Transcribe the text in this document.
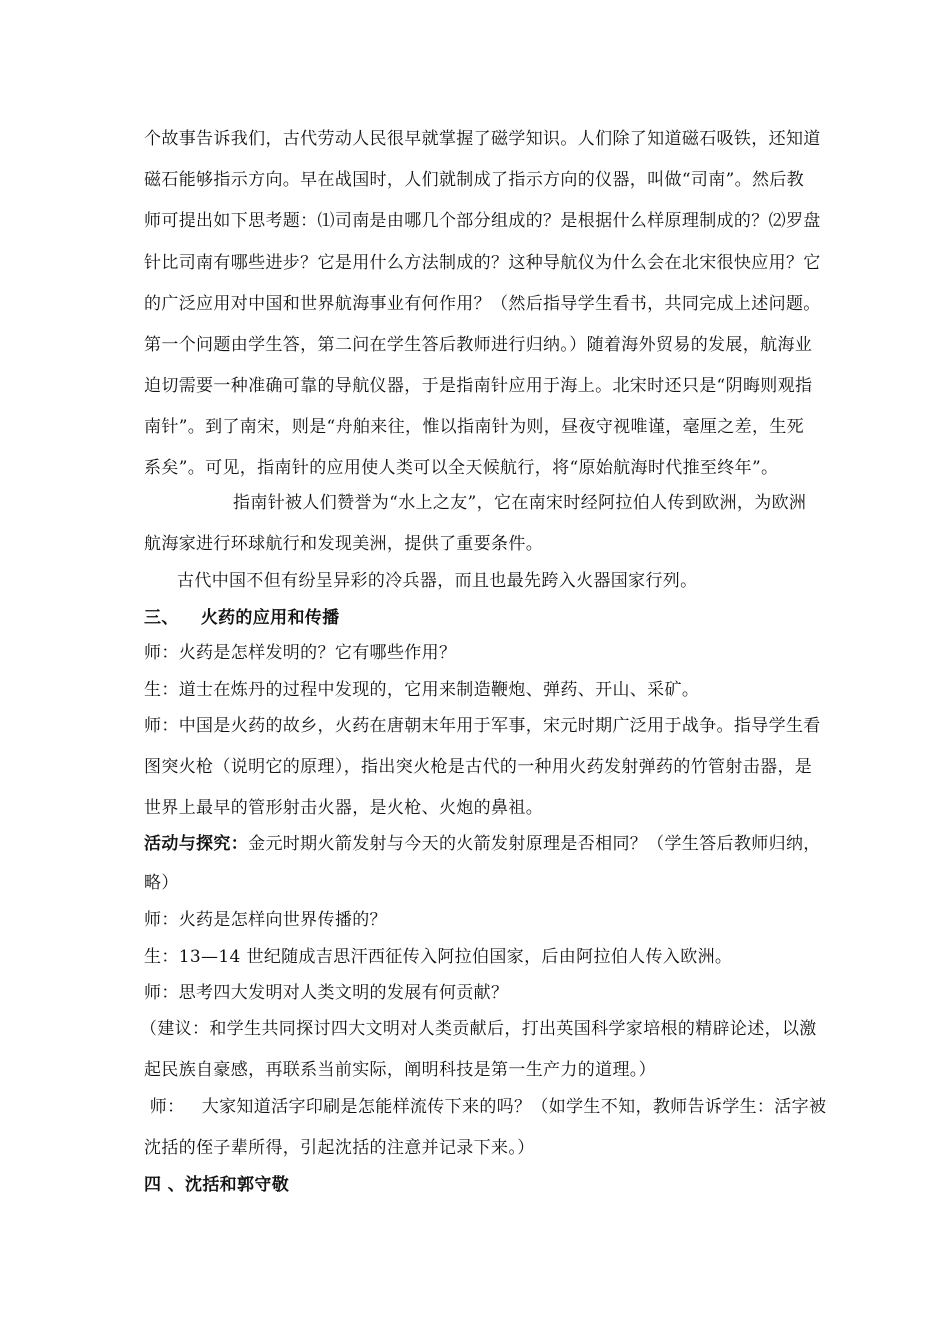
个故事告诉我们，古代劳动人民很早就掌握了磁学知识。人们除了知道磁石吸铁，还知道
磁石能够指示方向。早在战国时，人们就制成了指示方向的仪器，叫做“司南”。然后教
师可提出如下思考题：⑴司南是由哪几个部分组成的？是根据什么样原理制成的？⑵罗盘
针比司南有哪些进步？它是用什么方法制成的？这种导航仪为什么会在北宋很快应用？它
的广泛应用对中国和世界航海事业有何作用？（然后指导学生看书，共同完成上述问题。
第一个问题由学生答，第二问在学生答后教师进行归纳。）随着海外贸易的发展，航海业
迫切需要一种准确可靠的导航仪器，于是指南针应用于海上。北宋时还只是“阴晦则观指
南针”。到了南宋，则是“舟舶来往，惟以指南针为则，昼夜守视唯谨，毫厘之差，生死
系矣”。可见，指南针的应用使人类可以全天候航行，将“原始航海时代推至终年”。
指南针被人们赞誉为“水上之友”，它在南宋时经阿拉伯人传到欧洲，为欧洲
航海家进行环球航行和发现美洲，提供了重要条件。
古代中国不但有纷呈异彩的冷兵器，而且也最先跨入火器国家行列。
三、 火药的应用和传播
师：火药是怎样发明的？它有哪些作用？
生：道士在炼丹的过程中发现的，它用来制造鞭炮、弹药、开山、采矿。
师：中国是火药的故乡，火药在唐朝末年用于军事，宋元时期广泛用于战争。指导学生看
图突火枪（说明它的原理），指出突火枪是古代的一种用火药发射弹药的竹管射击器，是
世界上最早的管形射击火器，是火枪、火炮的鼻祖。
活动与探究：金元时期火箭发射与今天的火箭发射原理是否相同？（学生答后教师归纳，
略）
师：火药是怎样向世界传播的？
生：13—14 世纪随成吉思汗西征传入阿拉伯国家，后由阿拉伯人传入欧洲。
师：思考四大发明对人类文明的发展有何贡献？
（建议：和学生共同探讨四大文明对人类贡献后，打出英国科学家培根的精辟论述，以激
起民族自豪感，再联系当前实际，阐明科技是第一生产力的道理。）
师：   大家知道活字印刷是怎能样流传下来的吗？（如学生不知，教师告诉学生：活字被
沈括的侄子辈所得，引起沈括的注意并记录下来。）
四 、沈括和郭守敬
